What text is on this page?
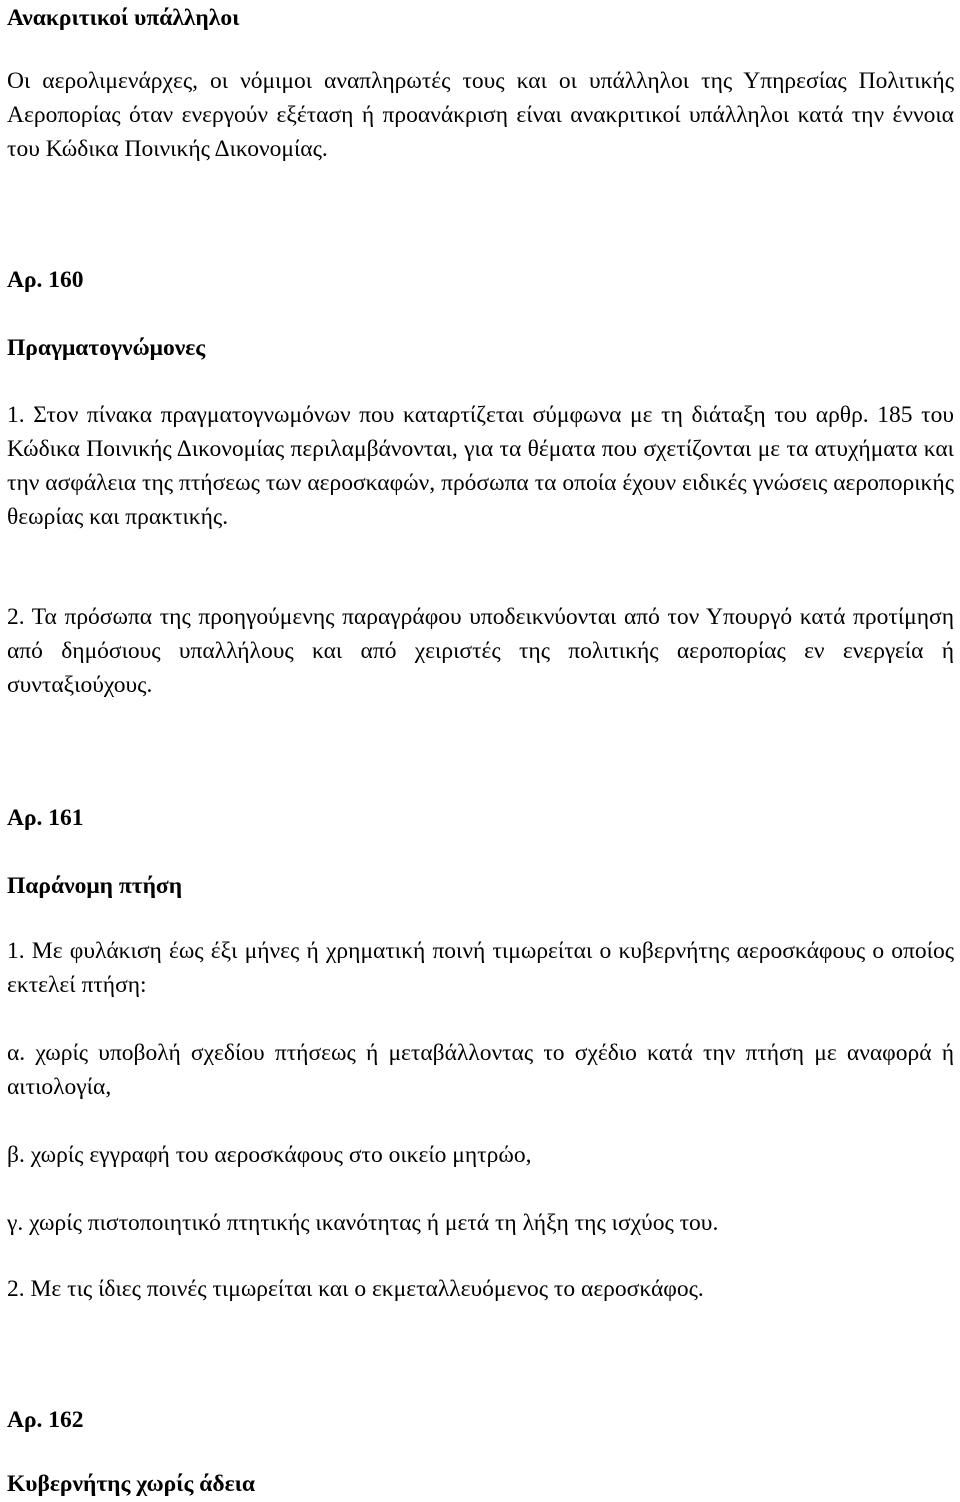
Ανακριτικοί υπάλληλοι
Οι αερολιμενάρχες, οι νόμιμοι αναπληρωτές τους και οι υπάλληλοι της Υπηρεσίας Πολιτικής Αεροπορίας όταν ενεργούν εξέταση ή προανάκριση είναι ανακριτικοί υπάλληλοι κατά την έννοια του Κώδικα Ποινικής Δικονομίας.
Αρ. 160
Πραγματογνώμονες
1. Στον πίνακα πραγματογνωμόνων που καταρτίζεται σύμφωνα με τη διάταξη του αρθρ. 185 του Κώδικα Ποινικής Δικονομίας περιλαμβάνονται, για τα θέματα που σχετίζονται με τα ατυχήματα και την ασφάλεια της πτήσεως των αεροσκαφών, πρόσωπα τα οποία έχουν ειδικές γνώσεις αεροπορικής θεωρίας και πρακτικής.
2. Τα πρόσωπα της προηγούμενης παραγράφου υποδεικνύονται από τον Υπουργό κατά προτίμηση από δημόσιους υπαλλήλους και από χειριστές της πολιτικής αεροπορίας εν ενεργεία ή συνταξιούχους.
Αρ. 161
Παράνομη πτήση
1. Με φυλάκιση έως έξι μήνες ή χρηματική ποινή τιμωρείται ο κυβερνήτης αεροσκάφους ο οποίος εκτελεί πτήση:
α. χωρίς υποβολή σχεδίου πτήσεως ή μεταβάλλοντας το σχέδιο κατά την πτήση με αναφορά ή αιτιολογία,
β. χωρίς εγγραφή του αεροσκάφους στο οικείο μητρώο,
γ. χωρίς πιστοποιητικό πτητικής ικανότητας ή μετά τη λήξη της ισχύος του.
2. Με τις ίδιες ποινές τιμωρείται και ο εκμεταλλευόμενος το αεροσκάφος.
Αρ. 162
Κυβερνήτης χωρίς άδεια
